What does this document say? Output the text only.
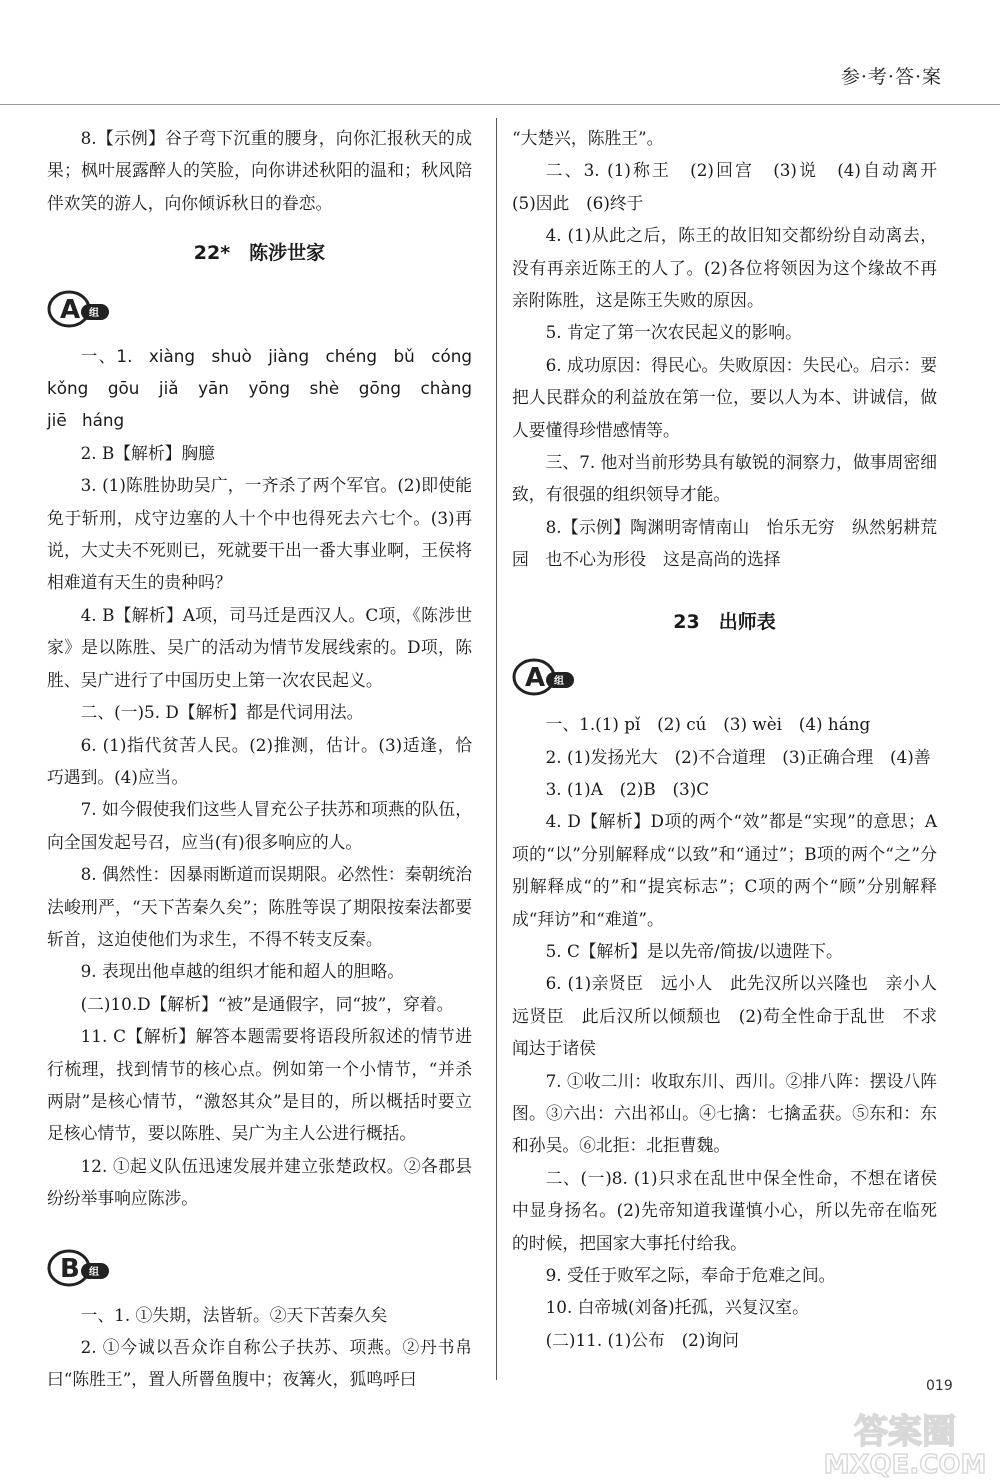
参·考·答·案

8.【示例】谷子弯下沉重的腰身，向你汇报秋天的成果；枫叶展露醉人的笑脸，向你讲述秋阳的温和；秋风陪伴欢笑的游人，向你倾诉秋日的眷恋。

22*　陈涉世家
A 组

一、1. xiàng shuò jiàng chéng bǔ cóng kǒng gōu jiǎ yān yōng shè gōng chàng jiē háng

2. B【解析】胸臆

3. (1)陈胜协助吴广，一齐杀了两个军官。(2)即使能免于斩刑，戍守边塞的人十个中也得死去六七个。(3)再说，大丈夫不死则已，死就要干出一番大事业啊，王侯将相难道有天生的贵种吗？

4. B【解析】A项，司马迁是西汉人。C项，《陈涉世家》是以陈胜、吴广的活动为情节发展线索的。D项，陈胜、吴广进行了中国历史上第一次农民起义。

二、(一)5. D【解析】都是代词用法。

6. (1)指代贫苦人民。(2)推测，估计。(3)适逢，恰巧遇到。(4)应当。

7. 如今假使我们这些人冒充公子扶苏和项燕的队伍，向全国发起号召，应当(有)很多响应的人。

8. 偶然性：因暴雨断道而误期限。必然性：秦朝统治法峻刑严，“天下苦秦久矣”；陈胜等误了期限按秦法都要斩首，这迫使他们为求生，不得不转支反秦。

9. 表现出他卓越的组织才能和超人的胆略。

(二)10.D【解析】“被”是通假字，同“披”，穿着。

11. C【解析】解答本题需要将语段所叙述的情节进行梳理，找到情节的核心点。例如第一个小情节，“并杀两尉”是核心情节，“激怒其众”是目的，所以概括时要立足核心情节，要以陈胜、吴广为主人公进行概括。

12. ①起义队伍迅速发展并建立张楚政权。②各郡县纷纷举事响应陈涉。

B 组

一、1. ①失期，法皆斩。②天下苦秦久矣

2. ①今诚以吾众诈自称公子扶苏、项燕。②丹书帛曰“陈胜王”，置人所罾鱼腹中；夜篝火，狐鸣呼曰

“大楚兴，陈胜王”。

二、3. (1)称王　(2)回宫　(3)说　(4)自动离开　(5)因此　(6)终于

4. (1)从此之后，陈王的故旧知交都纷纷自动离去，没有再亲近陈王的人了。(2)各位将领因为这个缘故不再亲附陈胜，这是陈王失败的原因。

5. 肯定了第一次农民起义的影响。

6. 成功原因：得民心。失败原因：失民心。启示：要把人民群众的利益放在第一位，要以人为本、讲诚信，做人要懂得珍惜感情等。

三、7. 他对当前形势具有敏锐的洞察力，做事周密细致，有很强的组织领导才能。

8.【示例】陶渊明寄情南山　怡乐无穷　纵然躬耕荒园　也不心为形役　这是高尚的选择

23　出师表
A 组

一、1.(1) pǐ　(2) cú　(3) wèi　(4) háng

2. (1)发扬光大　(2)不合道理　(3)正确合理　(4)善

3. (1)A　(2)B　(3)C

4. D【解析】D项的两个“效”都是“实现”的意思；A项的“以”分别解释成“以致”和“通过”；B项的两个“之”分别解释成“的”和“提宾标志”；C项的两个“顾”分别解释成“拜访”和“难道”。

5. C【解析】是以先帝/简拔/以遗陛下。

6. (1)亲贤臣　远小人　此先汉所以兴隆也　亲小人　远贤臣　此后汉所以倾颓也　(2)苟全性命于乱世　不求闻达于诸侯

7. ①收二川：收取东川、西川。②排八阵：摆设八阵图。③六出：六出祁山。④七擒：七擒孟获。⑤东和：东和孙吴。⑥北拒：北拒曹魏。

二、(一)8. (1)只求在乱世中保全性命，不想在诸侯中显身扬名。(2)先帝知道我谨慎小心，所以先帝在临死的时候，把国家大事托付给我。

9. 受任于败军之际，奉命于危难之间。

10. 白帝城(刘备)托孤，兴复汉室。

(二)11. (1)公布　(2)询问

019
答案圈
MXQE.COM
